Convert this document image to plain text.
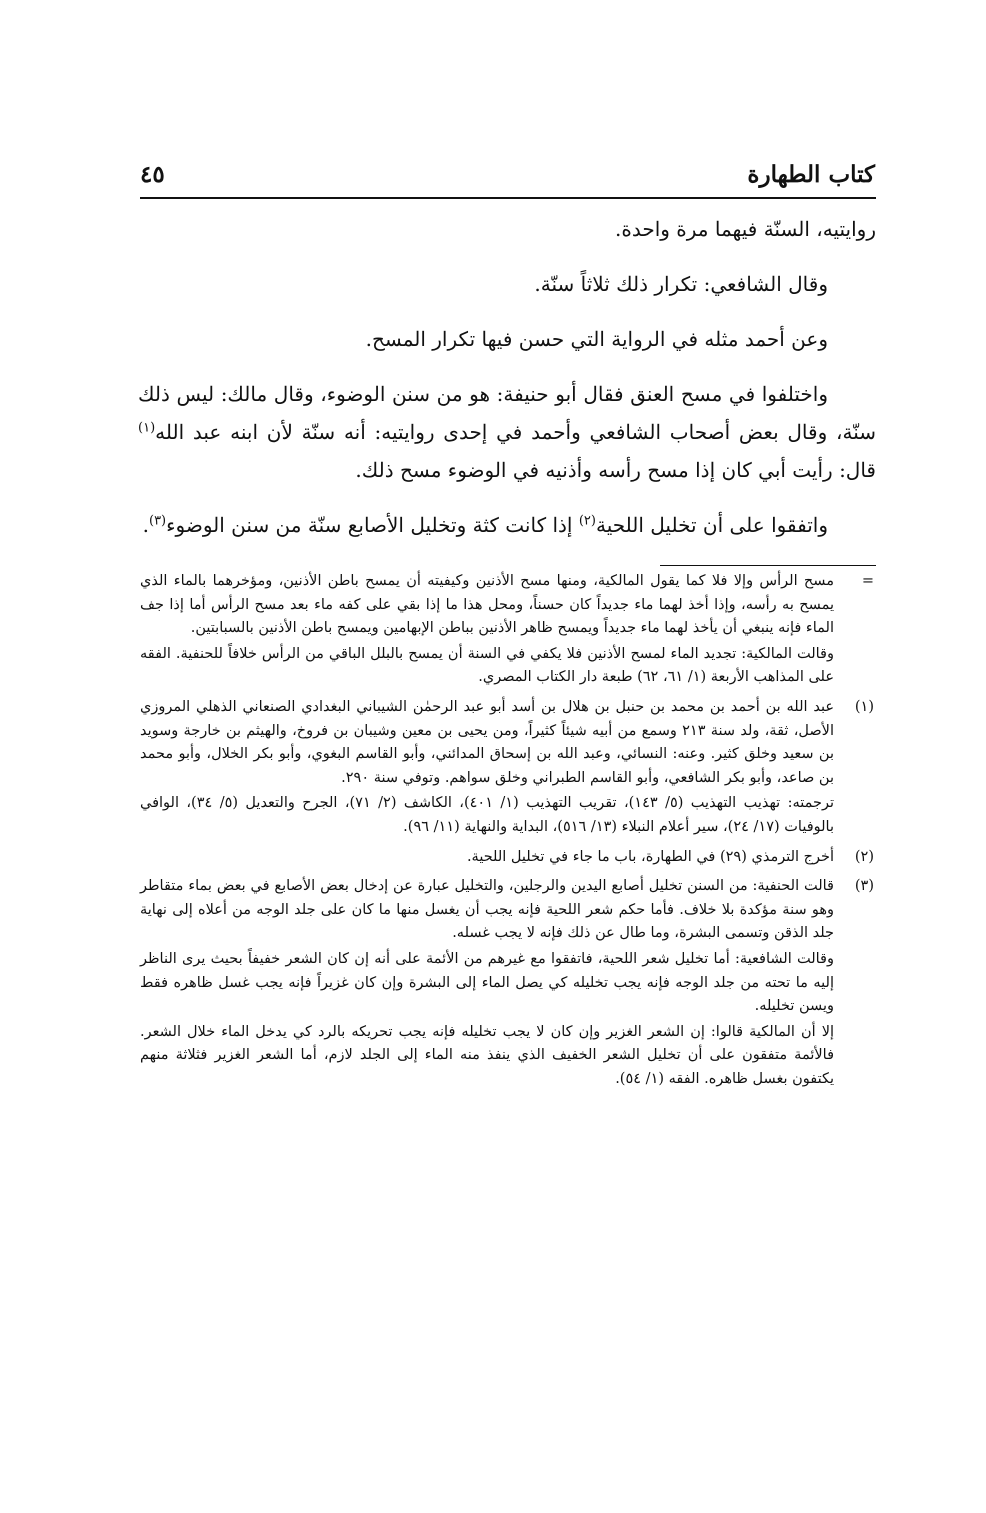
كتاب الطهارة
٤٥

روايتيه، السنّة فيهما مرة واحدة.

وقال الشافعي: تكرار ذلك ثلاثاً سنّة.

وعن أحمد مثله في الرواية التي حسن فيها تكرار المسح.

واختلفوا في مسح العنق فقال أبو حنيفة: هو من سنن الوضوء، وقال مالك: ليس ذلك سنّة، وقال بعض أصحاب الشافعي وأحمد في إحدى روايتيه: أنه سنّة لأن ابنه عبد الله$^{(١)}$ قال: رأيت أبي كان إذا مسح رأسه وأذنيه في الوضوء مسح ذلك.

واتفقوا على أن تخليل اللحية$^{(٢)}$ إذا كانت كثة وتخليل الأصابع سنّة من سنن الوضوء$^{(٣)}$.

=

مسح الرأس وإلا فلا كما يقول المالكية، ومنها مسح الأذنين وكيفيته أن يمسح باطن الأذنين، ومؤخرهما بالماء الذي يمسح به رأسه، وإذا أخذ لهما ماء جديداً كان حسناً، ومحل هذا ما إذا بقي على كفه ماء بعد مسح الرأس أما إذا جف الماء فإنه ينبغي أن يأخذ لهما ماء جديداً ويمسح ظاهر الأذنين بباطن الإبهامين ويمسح باطن الأذنين بالسبابتين.

وقالت المالكية: تجديد الماء لمسح الأذنين فلا يكفي في السنة أن يمسح بالبلل الباقي من الرأس خلافاً للحنفية. الفقه على المذاهب الأربعة (١/ ٦١، ٦٢) طبعة دار الكتاب المصري.

(١)

عبد الله بن أحمد بن محمد بن حنبل بن هلال بن أسد أبو عبد الرحمٰن الشيباني البغدادي الصنعاني الذهلي المروزي الأصل، ثقة، ولد سنة ٢١٣ وسمع من أبيه شيئاً كثيراً، ومن يحيى بن معين وشيبان بن فروخ، والهيثم بن خارجة وسويد بن سعيد وخلق كثير. وعنه: النسائي، وعبد الله بن إسحاق المدائني، وأبو القاسم البغوي، وأبو بكر الخلال، وأبو محمد بن صاعد، وأبو بكر الشافعي، وأبو القاسم الطبراني وخلق سواهم. وتوفي سنة ٢٩٠.

ترجمته: تهذيب التهذيب (٥/ ١٤٣)، تقريب التهذيب (١/ ٤٠١)، الكاشف (٢/ ٧١)، الجرح والتعديل (٥/ ٣٤)، الوافي بالوفيات (١٧/ ٢٤)، سير أعلام النبلاء (١٣/ ٥١٦)، البداية والنهاية (١١/ ٩٦).

(٢)

أخرج الترمذي (٢٩) في الطهارة، باب ما جاء في تخليل اللحية.

(٣)

قالت الحنفية: من السنن تخليل أصابع اليدين والرجلين، والتخليل عبارة عن إدخال بعض الأصابع في بعض بماء متقاطر وهو سنة مؤكدة بلا خلاف. فأما حكم شعر اللحية فإنه يجب أن يغسل منها ما كان على جلد الوجه من أعلاه إلى نهاية جلد الذقن وتسمى البشرة، وما طال عن ذلك فإنه لا يجب غسله.

وقالت الشافعية: أما تخليل شعر اللحية، فاتفقوا مع غيرهم من الأئمة على أنه إن كان الشعر خفيفاً بحيث يرى الناظر إليه ما تحته من جلد الوجه فإنه يجب تخليله كي يصل الماء إلى البشرة وإن كان غزيراً فإنه يجب غسل ظاهره فقط ويسن تخليله.

إلا أن المالكية قالوا: إن الشعر الغزير وإن كان لا يجب تخليله فإنه يجب تحريكه بالرد كي يدخل الماء خلال الشعر. فالأئمة متفقون على أن تخليل الشعر الخفيف الذي ينفذ منه الماء إلى الجلد لازم، أما الشعر الغزير فثلاثة منهم يكتفون بغسل ظاهره. الفقه (١/ ٥٤).
